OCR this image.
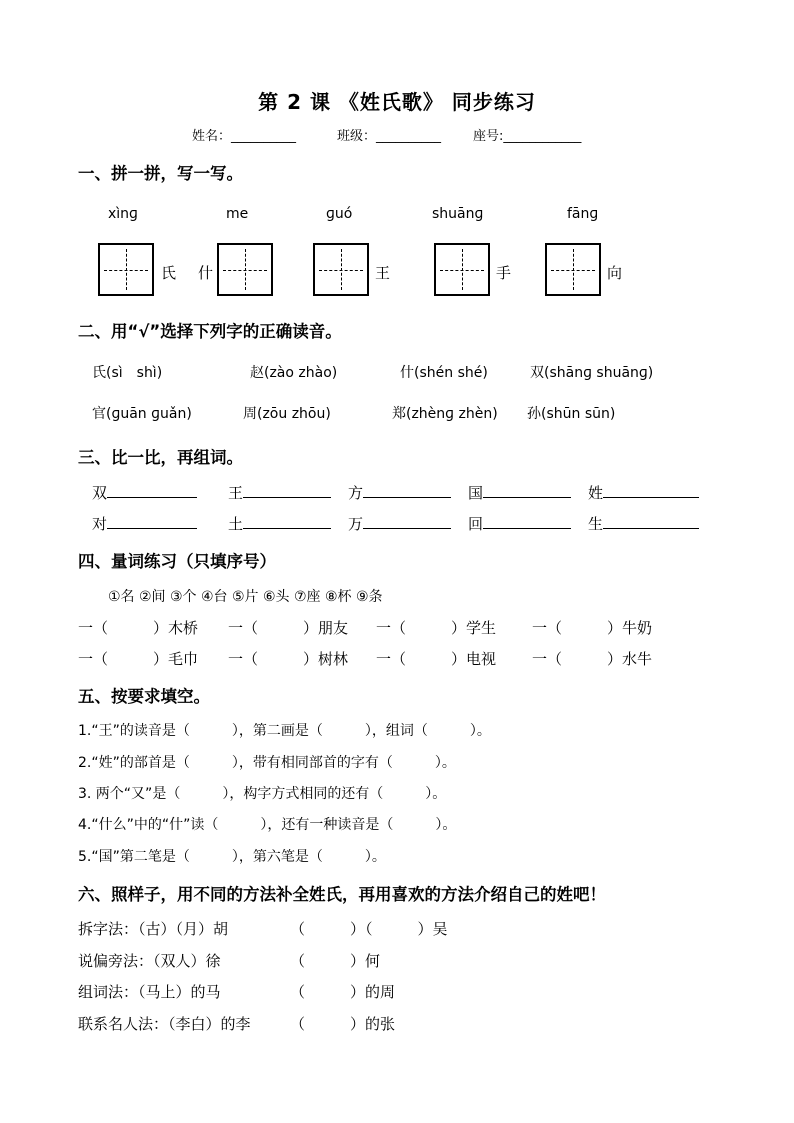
第 2 课 《姓氏歌》 同步练习
姓名：__________	班级：__________ 座号:____________
一、拼一拼，写一写。
xìnɡ	me	ɡuó	shuānɡ	fānɡ
氏 什	王	手	向
二、用“√”选择下列字的正确读音。
氏(sì　shì)	赵(zào zhào)	什(shén shé)	双(shānɡ shuānɡ)
官(ɡuān ɡuǎn)	周(zōu zhōu)	郑(zhènɡ zhèn) 孙(shūn sūn)
三、比一比，再组词。
双	王	方	国	姓
对	土	万	回	生
四、量词练习（只填序号）
①名 ②间 ③个 ④台 ⑤片 ⑥头 ⑦座 ⑧杯 ⑨条
一（　　　）木桥 一（　　　）朋友 一（　　　）学生 一（　　　）牛奶
一（　　　）毛巾 一（　　　）树林 一（　　　）电视 一（　　　）水牛
五、按要求填空。
1.“王”的读音是（　　　），第二画是（　　　），组词（　　　）。
2.“姓”的部首是（　　　），带有相同部首的字有（　　　）。
3. 两个“又”是（　　　），构字方式相同的还有（　　　）。
4.“什么”中的“什”读（　　　），还有一种读音是（　　　）。
5.“国”第二笔是（　　　），第六笔是（　　　）。
六、照样子，用不同的方法补全姓氏，再用喜欢的方法介绍自己的姓吧！
拆字法：（古）（月）胡	（　　　）（　　　）吴
说偏旁法：（双人）徐	（　　　）何
组词法：（马上）的马	（　　　）的周
联系名人法：（李白）的李	（　　　）的张
